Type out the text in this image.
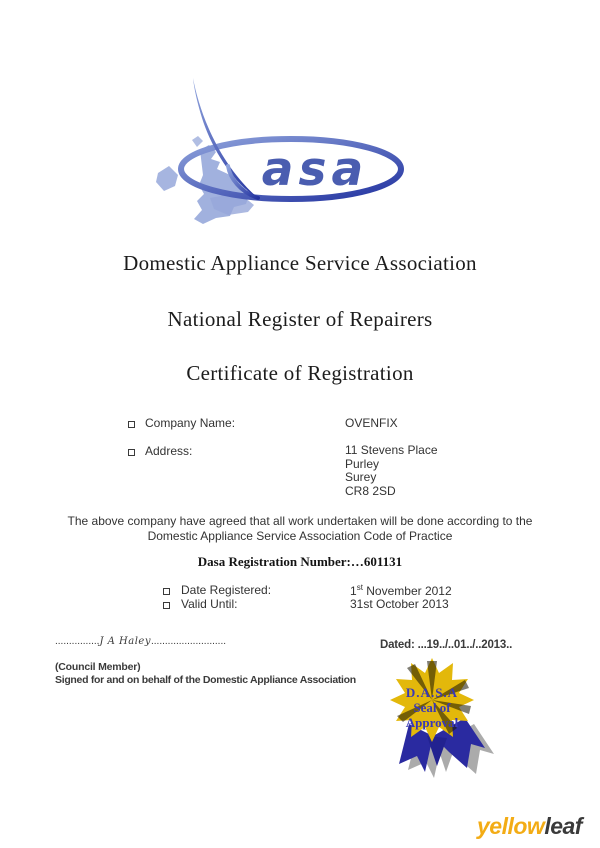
asa
Domestic Appliance Service Association
National Register of Repairers
Certificate of Registration
Company Name:	OVENFIX
Address:	11 Stevens Place
Purley
Surey
CR8 2SD
The above company have agreed that all work undertaken will be done according to the
Domestic Appliance Service Association Code of Practice
Dasa Registration Number:…601131
Date Registered:	1st November 2012
Valid Until:	31st October 2013
................J A Haley...........................	Dated: ...19../..01../..2013..
(Council Member)
Signed for and on behalf of the Domestic Appliance Association
D.A.S.A
Seal of
Approval
yellowleaf
